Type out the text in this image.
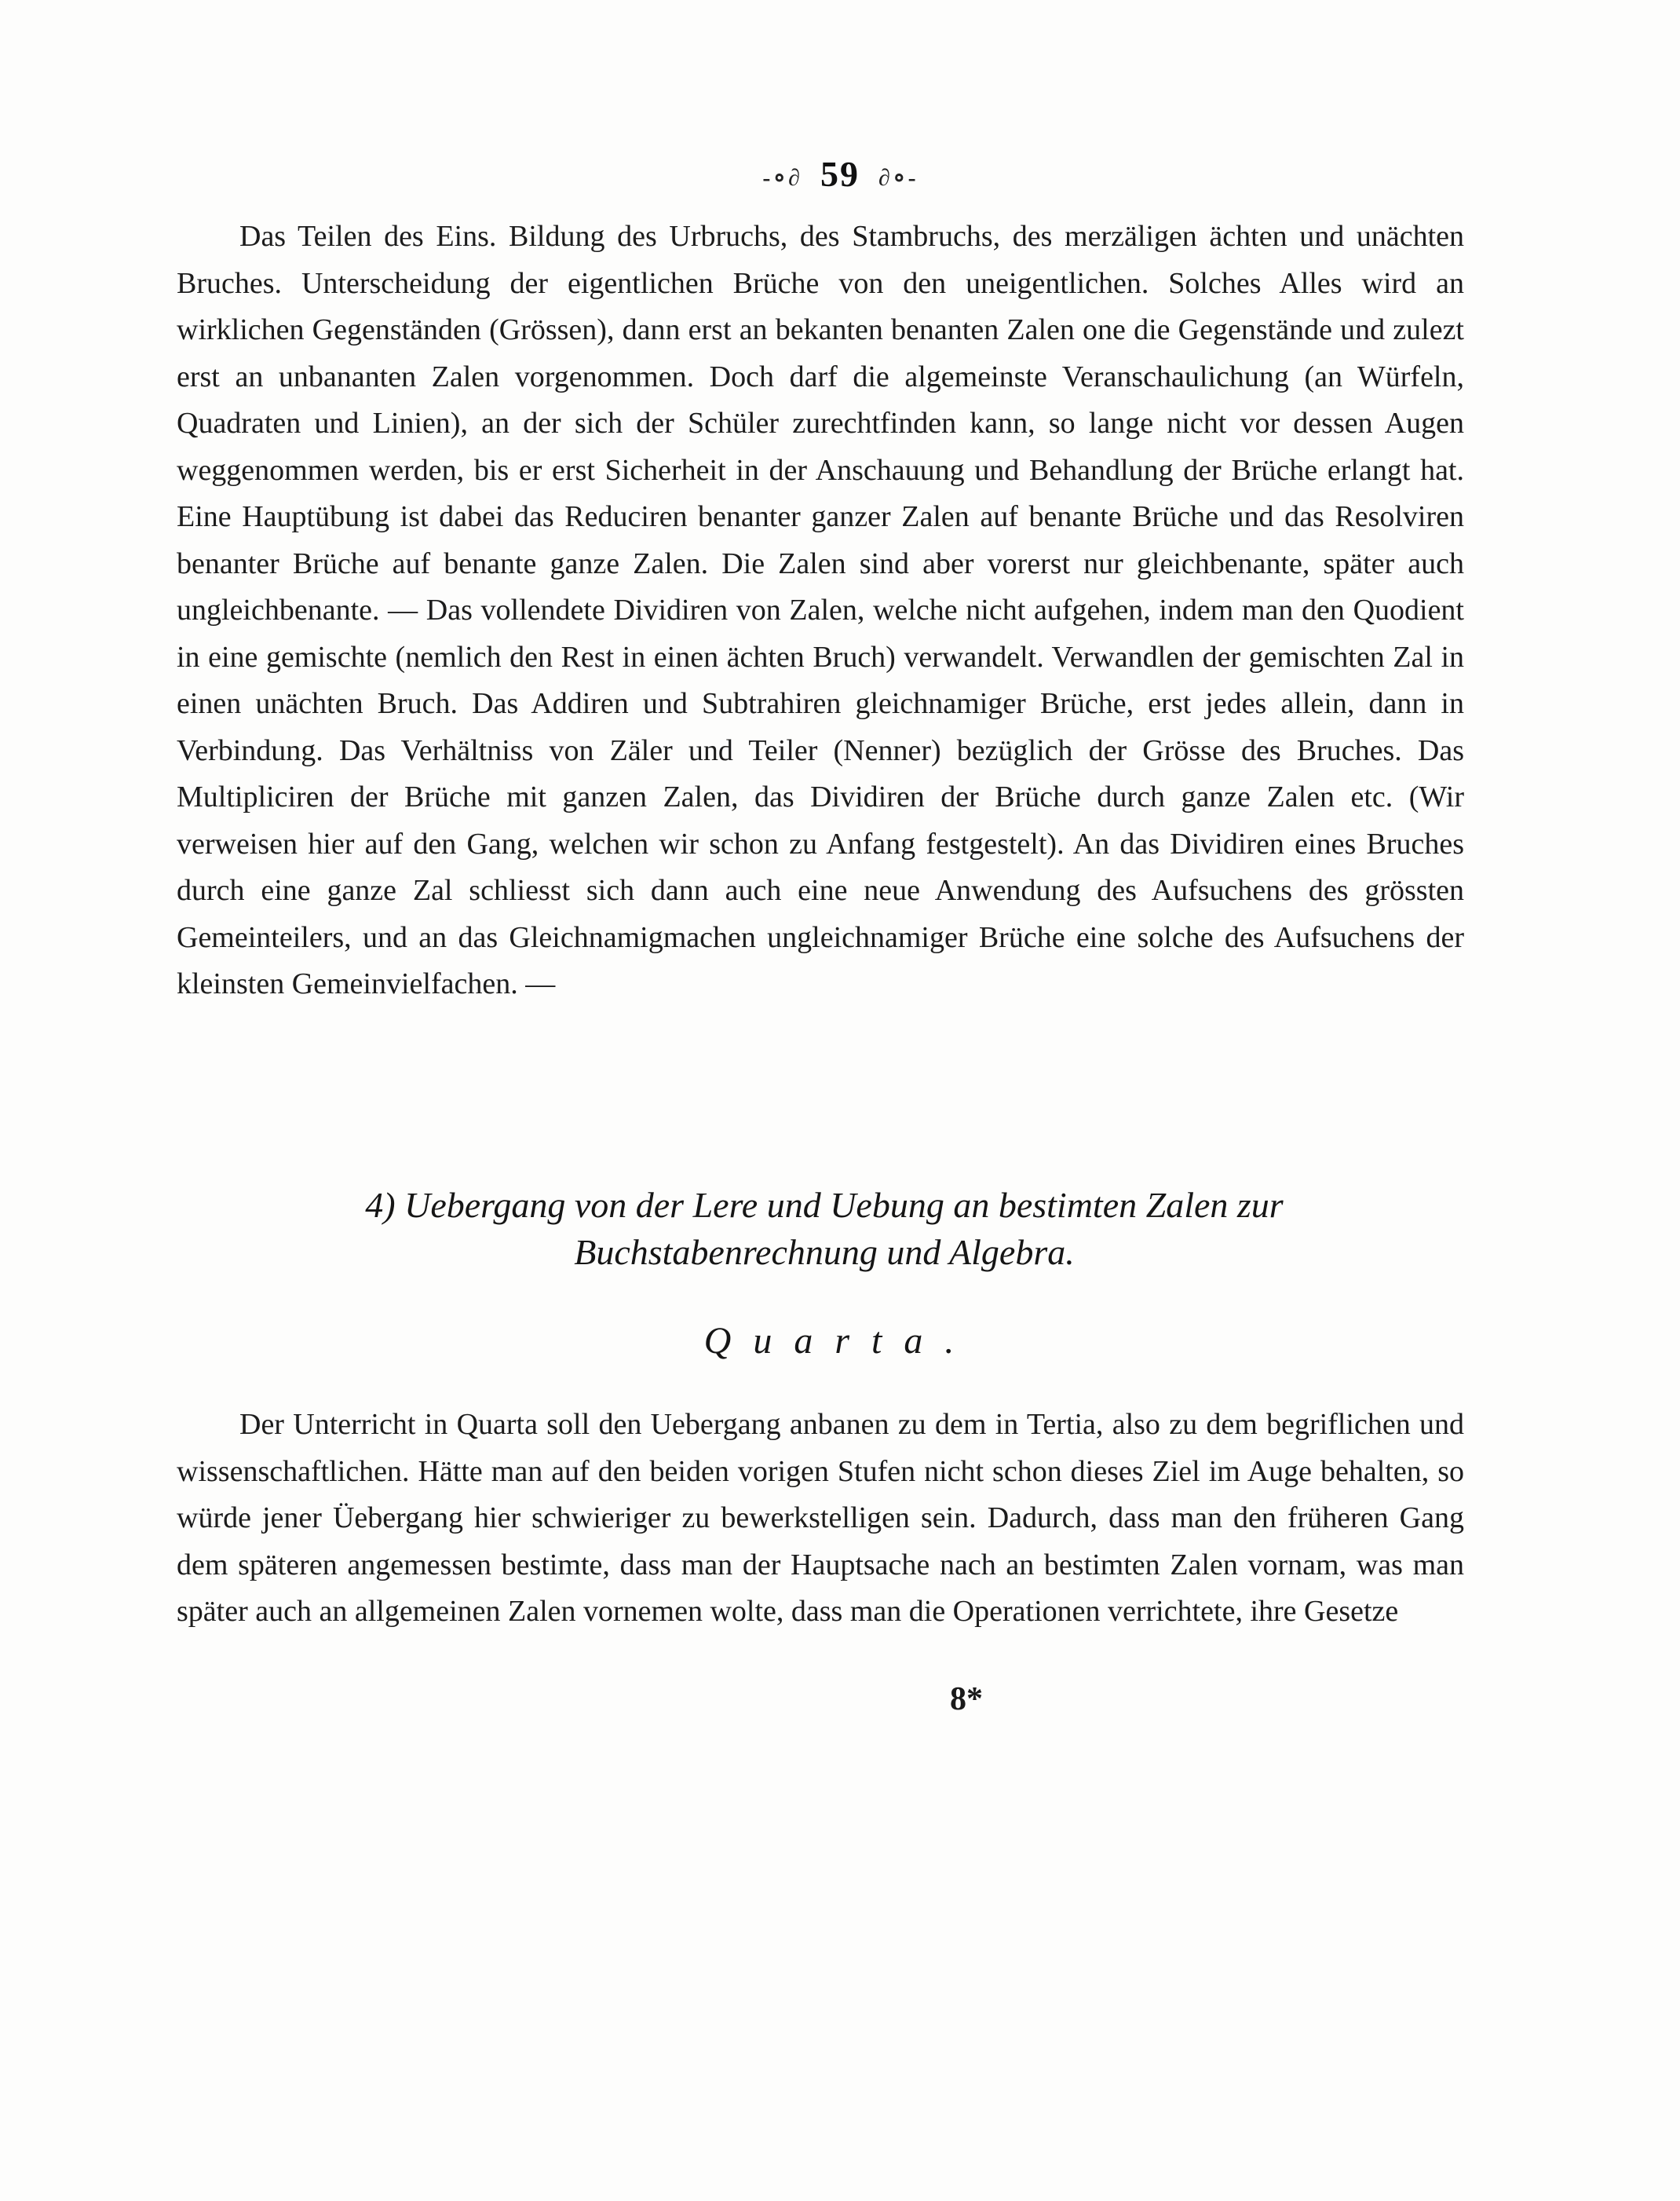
-∘∂ 59 ∂∘-
Das Teilen des Eins. Bildung des Urbruchs, des Stambruchs, des merzäligen ächten und unächten Bruches. Unterscheidung der eigentlichen Brüche von den uneigentlichen. Solches Alles wird an wirklichen Gegenständen (Grössen), dann erst an bekanten benanten Zalen one die Gegenstände und zulezt erst an unbananten Zalen vorgenommen. Doch darf die algemeinste Veranschaulichung (an Würfeln, Quadraten und Linien), an der sich der Schüler zurechtfinden kann, so lange nicht vor dessen Augen weggenommen werden, bis er erst Sicherheit in der Anschauung und Behandlung der Brüche erlangt hat. Eine Hauptübung ist dabei das Reduciren benanter ganzer Zalen auf benante Brüche und das Resolviren benanter Brüche auf benante ganze Zalen. Die Zalen sind aber vorerst nur gleichbenante, später auch ungleichbenante. — Das vollendete Dividiren von Zalen, welche nicht aufgehen, indem man den Quodient in eine gemischte (nemlich den Rest in einen ächten Bruch) verwandelt. Verwandlen der gemischten Zal in einen unächten Bruch. Das Addiren und Subtrahiren gleichnamiger Brüche, erst jedes allein, dann in Verbindung. Das Verhältniss von Zäler und Teiler (Nenner) bezüglich der Grösse des Bruches. Das Multipliciren der Brüche mit ganzen Zalen, das Dividiren der Brüche durch ganze Zalen etc. (Wir verweisen hier auf den Gang, welchen wir schon zu Anfang festgestelt). An das Dividiren eines Bruches durch eine ganze Zal schliesst sich dann auch eine neue Anwendung des Aufsuchens des grössten Gemeinteilers, und an das Gleichnamigmachen ungleichnamiger Brüche eine solche des Aufsuchens der kleinsten Gemeinvielfachen. —
4) Uebergang von der Lere und Uebung an bestimten Zalen zur Buchstabenrechnung und Algebra.
Quarta.
Der Unterricht in Quarta soll den Uebergang anbanen zu dem in Tertia, also zu dem begriflichen und wissenschaftlichen. Hätte man auf den beiden vorigen Stufen nicht schon dieses Ziel im Auge behalten, so würde jener Üebergang hier schwieriger zu bewerkstelligen sein. Dadurch, dass man den früheren Gang dem späteren angemessen bestimte, dass man der Hauptsache nach an bestimten Zalen vornam, was man später auch an allgemeinen Zalen vornemen wolte, dass man die Operationen verrichtete, ihre Gesetze
8*
